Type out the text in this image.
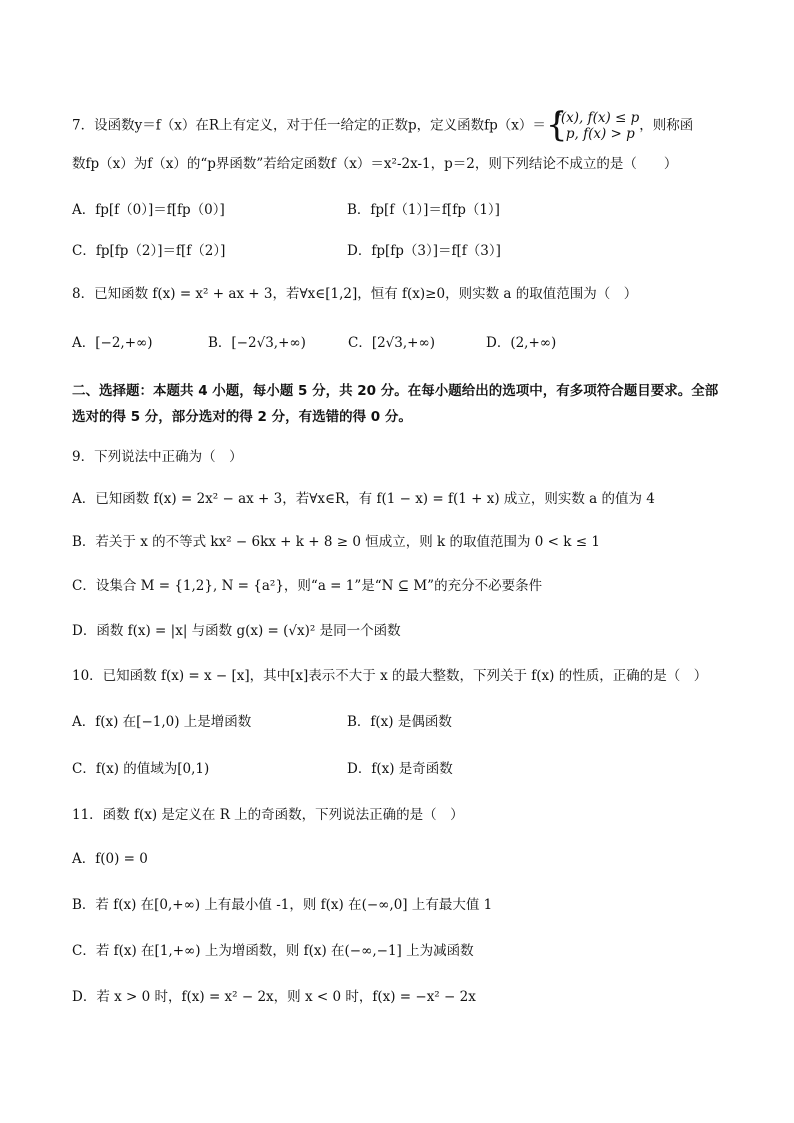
7．设函数y＝f（x）在R上有定义，对于任一给定的正数p，定义函数fp（x）＝ {
f(x), f(x) ≤ p
p, f(x) > p
，则称函
数fp（x）为f（x）的“p界函数”若给定函数f（x）＝x²-2x-1，p＝2，则下列结论不成立的是（　　）
A．fp[f（0）]＝f[fp（0）]	B．fp[f（1）]＝f[fp（1）]
C．fp[fp（2）]＝f[f（2）]	D．fp[fp（3）]＝f[f（3）]
8．已知函数 f(x) = x² + ax + 3，若∀x∈[1,2]，恒有 f(x)≥0，则实数 a 的取值范围为（　）
A．[−2,+∞)	B．[−2√3,+∞)	C．[2√3,+∞)	D．(2,+∞)
二、选择题：本题共 4 小题，每小题 5 分，共 20 分。在每小题给出的选项中，有多项符合题目要求。全部
选对的得 5 分，部分选对的得 2 分，有选错的得 0 分。
9．下列说法中正确为（　）
A．已知函数 f(x) = 2x² − ax + 3，若∀x∈R，有 f(1 − x) = f(1 + x) 成立，则实数 a 的值为 4
B．若关于 x 的不等式 kx² − 6kx + k + 8 ≥ 0 恒成立，则 k 的取值范围为 0 < k ≤ 1
C．设集合 M = {1,2}, N = {a²}，则“a = 1”是“N ⊆ M”的充分不必要条件
D．函数 f(x) = |x| 与函数 g(x) = (√x)² 是同一个函数
10．已知函数 f(x) = x − [x]，其中[x]表示不大于 x 的最大整数，下列关于 f(x) 的性质，正确的是（　）
A．f(x) 在[−1,0) 上是增函数	B．f(x) 是偶函数
C．f(x) 的值域为[0,1)	D．f(x) 是奇函数
11．函数 f(x) 是定义在 R 上的奇函数，下列说法正确的是（　）
A．f(0) = 0
B．若 f(x) 在[0,+∞) 上有最小值 -1，则 f(x) 在(−∞,0] 上有最大值 1
C．若 f(x) 在[1,+∞) 上为增函数，则 f(x) 在(−∞,−1] 上为减函数
D．若 x > 0 时，f(x) = x² − 2x，则 x < 0 时，f(x) = −x² − 2x
